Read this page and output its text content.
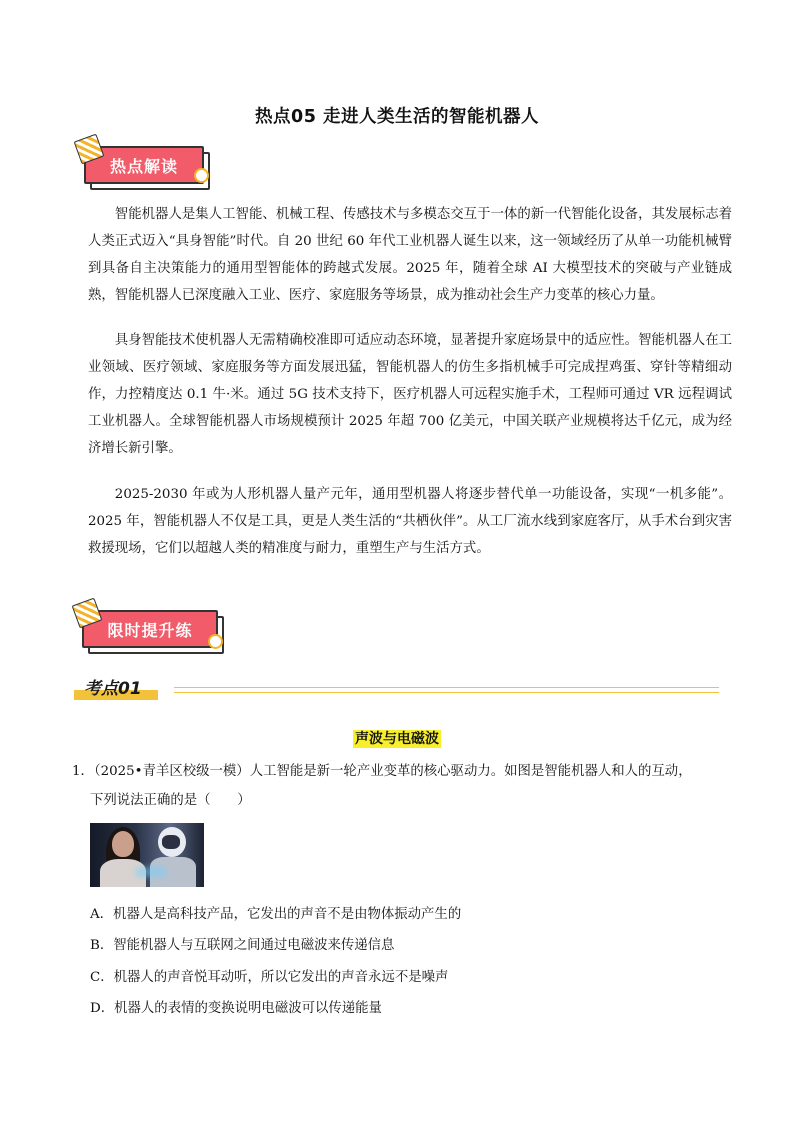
热点05 走进人类生活的智能机器人
热点解读

智能机器人是集人工智能、机械工程、传感技术与多模态交互于一体的新一代智能化设备，其发展标志着人类正式迈入“具身智能”时代。自 20 世纪 60 年代工业机器人诞生以来，这一领域经历了从单一功能机械臂到具备自主决策能力的通用型智能体的跨越式发展。2025 年，随着全球 AI 大模型技术的突破与产业链成熟，智能机器人已深度融入工业、医疗、家庭服务等场景，成为推动社会生产力变革的核心力量。

具身智能技术使机器人无需精确校准即可适应动态环境，显著提升家庭场景中的适应性。智能机器人在工业领域、医疗领域、家庭服务等方面发展迅猛，智能机器人的仿生多指机械手可完成捏鸡蛋、穿针等精细动作，力控精度达 0.1 牛·米。通过 5G 技术支持下，医疗机器人可远程实施手术，工程师可通过 VR 远程调试工业机器人。全球智能机器人市场规模预计 2025 年超 700 亿美元，中国关联产业规模将达千亿元，成为经济增长新引擎。

2025-2030 年或为人形机器人量产元年，通用型机器人将逐步替代单一功能设备，实现“一机多能”。2025 年，智能机器人不仅是工具，更是人类生活的“共栖伙伴”。从工厂流水线到家庭客厅，从手术台到灾害救援现场，它们以超越人类的精准度与耐力，重塑生产与生活方式。

限时提升练
考点01
声波与电磁波
1．（2025•青羊区校级一模）人工智能是新一轮产业变革的核心驱动力。如图是智能机器人和人的互动，
下列说法正确的是（　　）
A．机器人是高科技产品，它发出的声音不是由物体振动产生的
B．智能机器人与互联网之间通过电磁波来传递信息
C．机器人的声音悦耳动听，所以它发出的声音永远不是噪声
D．机器人的表情的变换说明电磁波可以传递能量
